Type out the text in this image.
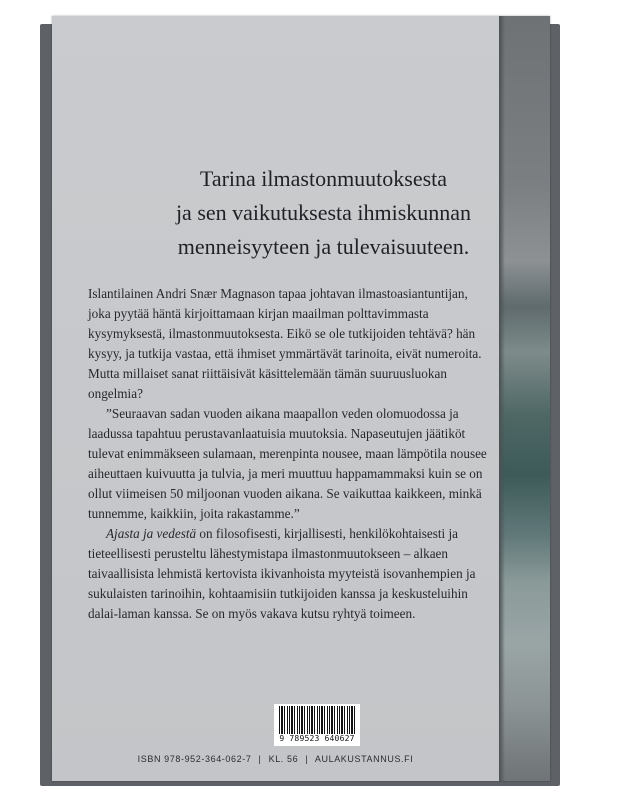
Tarina ilmastonmuutoksesta
ja sen vaikutuksesta ihmiskunnan
menneisyyteen ja tulevaisuuteen.

Islantilainen Andri Snær Magnason tapaa johtavan ilmastoasiantuntijan, joka pyytää häntä kirjoittamaan kirjan maailman polttavimmasta kysymyksestä, ilmastonmuutoksesta. Eikö se ole tutkijoiden tehtävä? hän kysyy, ja tutkija vastaa, että ihmiset ymmärtävät tarinoita, eivät numeroita. Mutta millaiset sanat riittäisivät käsittelemään tämän suuruusluokan ongelmia?

”Seuraavan sadan vuoden aikana maapallon veden olomuodossa ja laadussa tapahtuu perustavanlaatuisia muutoksia. Napaseutujen jäätiköt tulevat enimmäkseen sulamaan, merenpinta nousee, maan lämpötila nousee aiheuttaen kuivuutta ja tulvia, ja meri muuttuu happamammaksi kuin se on ollut viimeisen 50 miljoonan vuoden aikana. Se vaikuttaa kaikkeen, minkä tunnemme, kaikkiin, joita rakastamme.”

Ajasta ja vedestä on filosofisesti, kirjallisesti, henkilökohtaisesti ja tieteellisesti perusteltu lähestymistapa ilmastonmuutokseen – alkaen taivaallisista lehmistä kertovista ikivanhoista myyteistä isovanhempien ja sukulaisten tarinoihin, kohtaamisiin tutkijoiden kanssa ja keskusteluihin dalai-laman kanssa. Se on myös vakava kutsu ryhtyä toimeen.

9 789523 640627
ISBN 978-952-364-062-7 | KL. 56 | AULAKUSTANNUS.FI
